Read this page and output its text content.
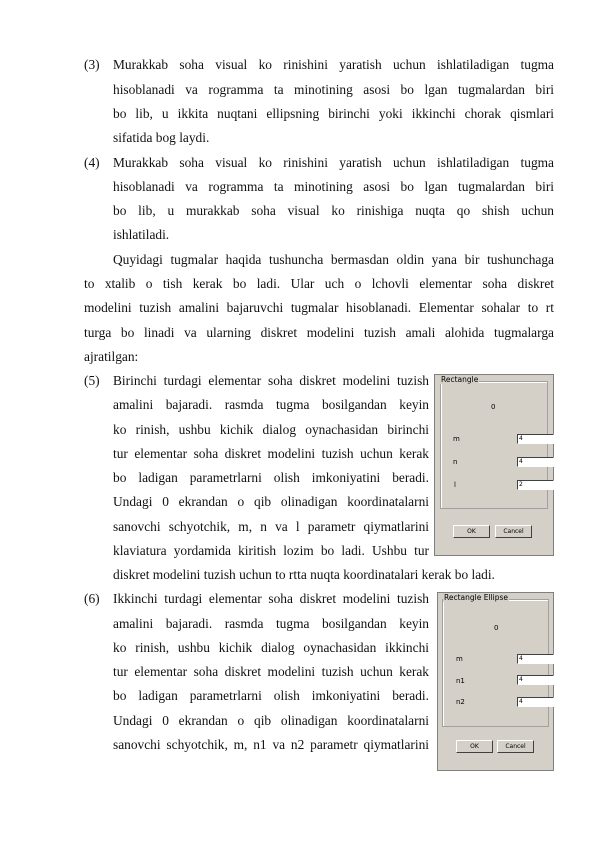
(3) Murakkab soha visual ko rinishini yaratish uchun ishlatiladigan tugma
hisoblanadi va rogramma ta minotining asosi bo lgan tugmalardan biri
bo lib, u ikkita nuqtani ellipsning birinchi yoki ikkinchi chorak qismlari
sifatida bog laydi.
(4) Murakkab soha visual ko rinishini yaratish uchun ishlatiladigan tugma
hisoblanadi va rogramma ta minotining asosi bo lgan tugmalardan biri
bo lib, u murakkab soha visual ko rinishiga nuqta qo shish uchun
ishlatiladi.
Quyidagi tugmalar haqida tushuncha bermasdan oldin yana bir tushunchaga
to xtalib o tish kerak bo ladi. Ular uch o lchovli elementar soha diskret
modelini tuzish amalini bajaruvchi tugmalar hisoblanadi. Elementar sohalar to rt
turga bo linadi va ularning diskret modelini tuzish amali alohida tugmalarga
ajratilgan:
(5) Birinchi turdagi elementar soha diskret modelini tuzish
amalini bajaradi. rasmda tugma bosilgandan keyin
ko rinish, ushbu kichik dialog oynachasidan birinchi
tur elementar soha diskret modelini tuzish uchun kerak
bo ladigan parametrlarni olish imkoniyatini beradi.
Undagi 0 ekrandan o qib olinadigan koordinatalarni
sanovchi schyotchik, m, n va l parametr qiymatlarini
klaviatura yordamida kiritish lozim bo ladi. Ushbu tur
diskret modelini tuzish uchun to rtta nuqta koordinatalari kerak bo ladi.
Rectangle
0
m	4
n	4
l	2
OK	Cancel
(6) Ikkinchi turdagi elementar soha diskret modelini tuzish
amalini bajaradi. rasmda tugma bosilgandan keyin
ko rinish, ushbu kichik dialog oynachasidan ikkinchi
tur elementar soha diskret modelini tuzish uchun kerak
bo ladigan parametrlarni olish imkoniyatini beradi.
Undagi 0 ekrandan o qib olinadigan koordinatalarni
sanovchi schyotchik, m, n1 va n2 parametr qiymatlarini
Rectangle Ellipse
0
m	4
n1	4
n2	4
OK	Cancel
